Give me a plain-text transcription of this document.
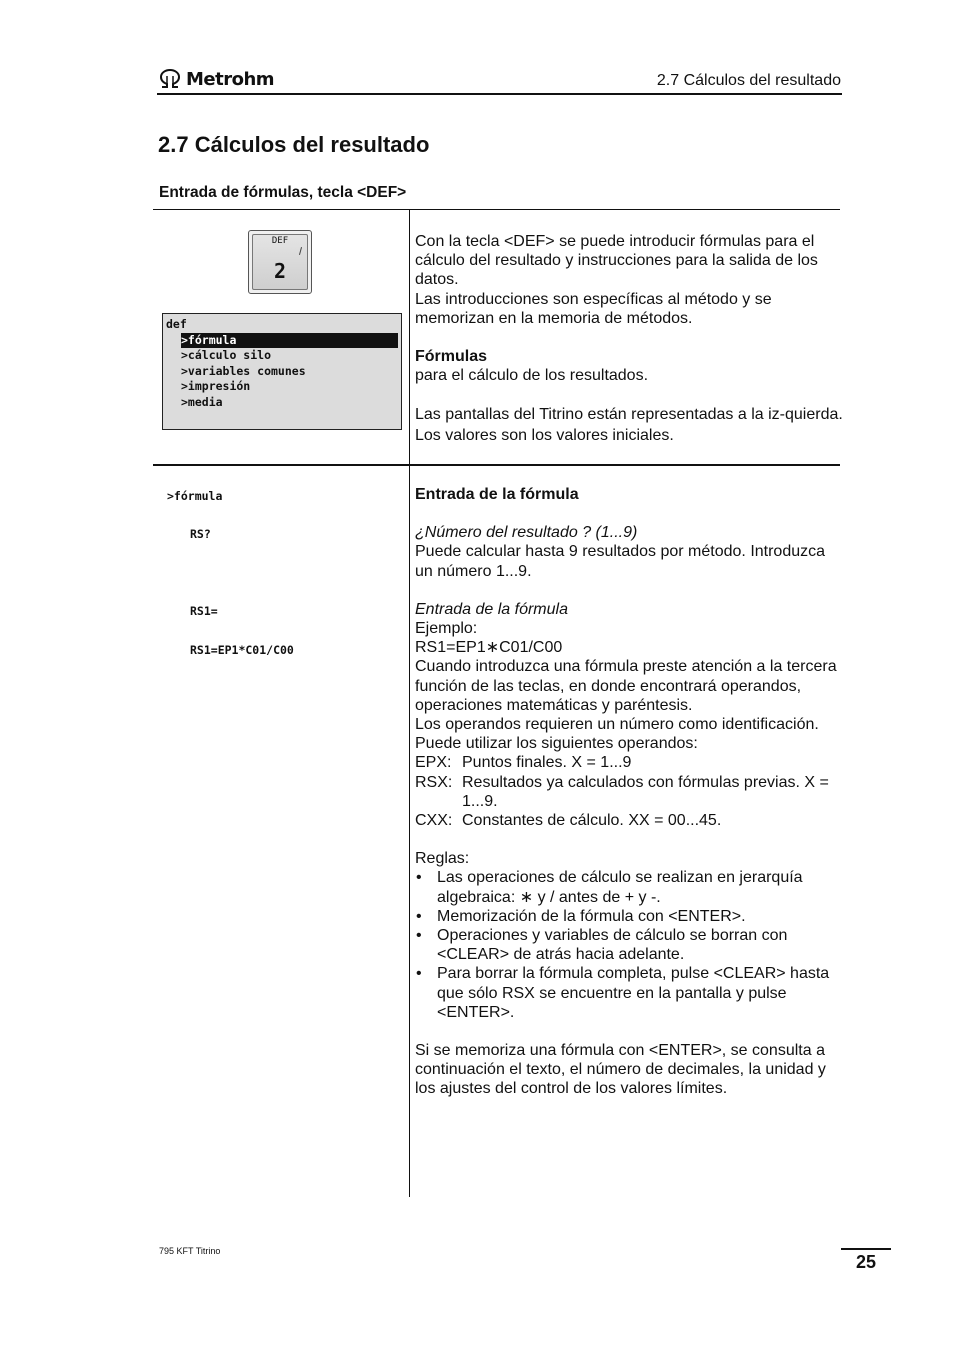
Metrohm	2.7 Cálculos del resultado
2.7 Cálculos del resultado
Entrada de fórmulas, tecla <DEF>
DEF
2
def
>fórmula
>cálculo silo
>variables comunes
>impresión
>media

Con la tecla <DEF> se puede introducir fórmulas para el cálculo del resultado y instrucciones para la salida de los datos.

Las introducciones son específicas al método y se memorizan en la memoria de métodos.

Fórmulas

para el cálculo de los resultados.

Las pantallas del Titrino están representadas a la iz-quierda. Los valores son los valores iniciales.

>fórmula
RS?
RS1=
RS1=EP1*C01/C00

Entrada de la fórmula

¿Número del resultado ? (1...9)

Puede calcular hasta 9 resultados por método. Introduzca un número 1...9.

Entrada de la fórmula

Ejemplo:

RS1=EP1∗C01/C00

Cuando introduzca una fórmula preste atención a la tercera función de las teclas, en donde encontrará operandos, operaciones matemáticas y paréntesis.

Los operandos requieren un número como identificación. Puede utilizar los siguientes operandos:

EPX: Puntos finales. X = 1...9
RSX: Resultados ya calculados con fórmulas previas. X = 1...9.
CXX: Constantes de cálculo. XX = 00...45.

Reglas:

• Las operaciones de cálculo se realizan en jerarquía algebraica: ∗ y / antes de + y -.
• Memorización de la fórmula con <ENTER>.
• Operaciones y variables de cálculo se borran con <CLEAR> de atrás hacia adelante.
• Para borrar la fórmula completa, pulse <CLEAR> hasta que sólo RSX se encuentre en la pantalla y pulse <ENTER>.

Si se memoriza una fórmula con <ENTER>, se consulta a continuación el texto, el número de decimales, la unidad y los ajustes del control de los valores límites.

795 KFT Titrino
25
